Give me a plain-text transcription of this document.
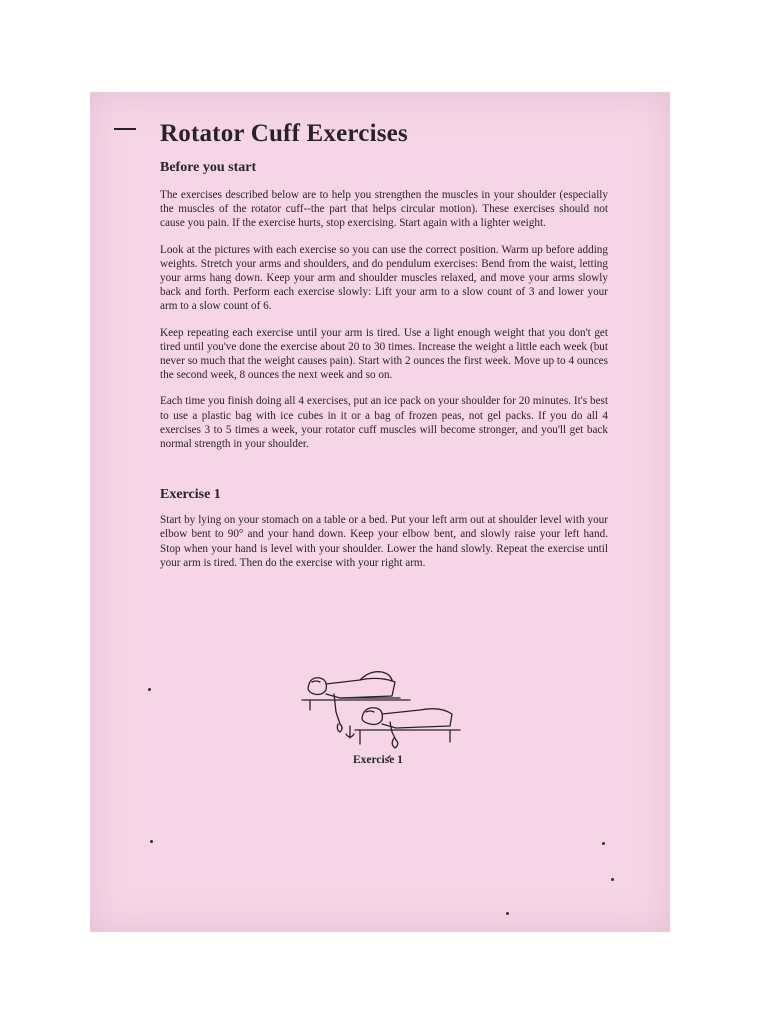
Rotator Cuff Exercises
Before you start

The exercises described below are to help you strengthen the muscles in your shoulder (especially the muscles of the rotator cuff--the part that helps circular motion). These exercises should not cause you pain. If the exercise hurts, stop exercising. Start again with a lighter weight.

Look at the pictures with each exercise so you can use the correct position. Warm up before adding weights. Stretch your arms and shoulders, and do pendulum exercises: Bend from the waist, letting your arms hang down. Keep your arm and shoulder muscles relaxed, and move your arms slowly back and forth. Perform each exercise slowly: Lift your arm to a slow count of 3 and lower your arm to a slow count of 6.

Keep repeating each exercise until your arm is tired. Use a light enough weight that you don't get tired until you've done the exercise about 20 to 30 times. Increase the weight a little each week (but never so much that the weight causes pain). Start with 2 ounces the first week. Move up to 4 ounces the second week, 8 ounces the next week and so on.

Each time you finish doing all 4 exercises, put an ice pack on your shoulder for 20 minutes. It's best to use a plastic bag with ice cubes in it or a bag of frozen peas, not gel packs. If you do all 4 exercises 3 to 5 times a week, your rotator cuff muscles will become stronger, and you'll get back normal strength in your shoulder.

Exercise 1

Start by lying on your stomach on a table or a bed. Put your left arm out at shoulder level with your elbow bent to 90° and your hand down. Keep your elbow bent, and slowly raise your left hand. Stop when your hand is level with your shoulder. Lower the hand slowly. Repeat the exercise until your arm is tired. Then do the exercise with your right arm.

Exercise 1
